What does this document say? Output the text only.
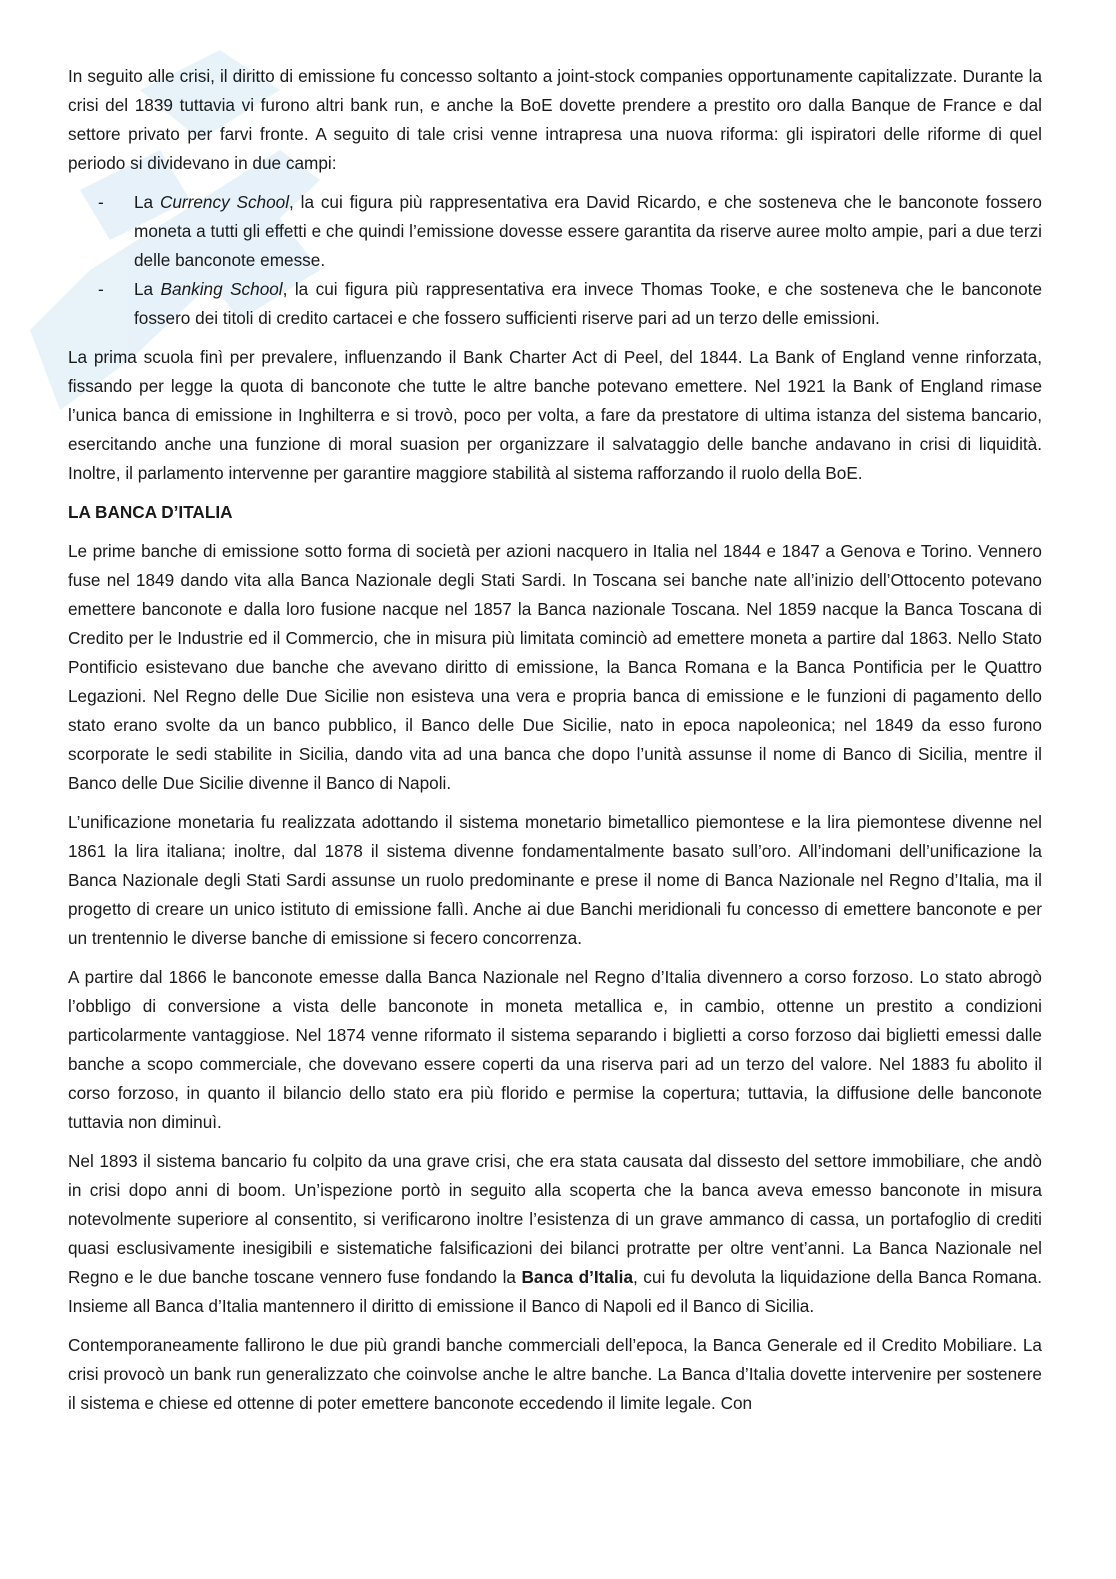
In seguito alle crisi, il diritto di emissione fu concesso soltanto a joint-stock companies opportunamente capitalizzate. Durante la crisi del 1839 tuttavia vi furono altri bank run, e anche la BoE dovette prendere a prestito oro dalla Banque de France e dal settore privato per farvi fronte. A seguito di tale crisi venne intrapresa una nuova riforma: gli ispiratori delle riforme di quel periodo si dividevano in due campi:

- La Currency School, la cui figura più rappresentativa era David Ricardo, e che sosteneva che le banconote fossero moneta a tutti gli effetti e che quindi l’emissione dovesse essere garantita da riserve auree molto ampie, pari a due terzi delle banconote emesse.
- La Banking School, la cui figura più rappresentativa era invece Thomas Tooke, e che sosteneva che le banconote fossero dei titoli di credito cartacei e che fossero sufficienti riserve pari ad un terzo delle emissioni.

La prima scuola finì per prevalere, influenzando il Bank Charter Act di Peel, del 1844. La Bank of England venne rinforzata, fissando per legge la quota di banconote che tutte le altre banche potevano emettere. Nel 1921 la Bank of England rimase l’unica banca di emissione in Inghilterra e si trovò, poco per volta, a fare da prestatore di ultima istanza del sistema bancario, esercitando anche una funzione di moral suasion per organizzare il salvataggio delle banche andavano in crisi di liquidità. Inoltre, il parlamento intervenne per garantire maggiore stabilità al sistema rafforzando il ruolo della BoE.

LA BANCA D’ITALIA

Le prime banche di emissione sotto forma di società per azioni nacquero in Italia nel 1844 e 1847 a Genova e Torino. Vennero fuse nel 1849 dando vita alla Banca Nazionale degli Stati Sardi. In Toscana sei banche nate all’inizio dell’Ottocento potevano emettere banconote e dalla loro fusione nacque nel 1857 la Banca nazionale Toscana. Nel 1859 nacque la Banca Toscana di Credito per le Industrie ed il Commercio, che in misura più limitata cominciò ad emettere moneta a partire dal 1863. Nello Stato Pontificio esistevano due banche che avevano diritto di emissione, la Banca Romana e la Banca Pontificia per le Quattro Legazioni. Nel Regno delle Due Sicilie non esisteva una vera e propria banca di emissione e le funzioni di pagamento dello stato erano svolte da un banco pubblico, il Banco delle Due Sicilie, nato in epoca napoleonica; nel 1849 da esso furono scorporate le sedi stabilite in Sicilia, dando vita ad una banca che dopo l’unità assunse il nome di Banco di Sicilia, mentre il Banco delle Due Sicilie divenne il Banco di Napoli.

L’unificazione monetaria fu realizzata adottando il sistema monetario bimetallico piemontese e la lira piemontese divenne nel 1861 la lira italiana; inoltre, dal 1878 il sistema divenne fondamentalmente basato sull’oro. All’indomani dell’unificazione la Banca Nazionale degli Stati Sardi assunse un ruolo predominante e prese il nome di Banca Nazionale nel Regno d’Italia, ma il progetto di creare un unico istituto di emissione fallì. Anche ai due Banchi meridionali fu concesso di emettere banconote e per un trentennio le diverse banche di emissione si fecero concorrenza.

A partire dal 1866 le banconote emesse dalla Banca Nazionale nel Regno d’Italia divennero a corso forzoso. Lo stato abrogò l’obbligo di conversione a vista delle banconote in moneta metallica e, in cambio, ottenne un prestito a condizioni particolarmente vantaggiose. Nel 1874 venne riformato il sistema separando i biglietti a corso forzoso dai biglietti emessi dalle banche a scopo commerciale, che dovevano essere coperti da una riserva pari ad un terzo del valore. Nel 1883 fu abolito il corso forzoso, in quanto il bilancio dello stato era più florido e permise la copertura; tuttavia, la diffusione delle banconote tuttavia non diminuì.

Nel 1893 il sistema bancario fu colpito da una grave crisi, che era stata causata dal dissesto del settore immobiliare, che andò in crisi dopo anni di boom. Un’ispezione portò in seguito alla scoperta che la banca aveva emesso banconote in misura notevolmente superiore al consentito, si verificarono inoltre l’esistenza di un grave ammanco di cassa, un portafoglio di crediti quasi esclusivamente inesigibili e sistematiche falsificazioni dei bilanci protratte per oltre vent’anni. La Banca Nazionale nel Regno e le due banche toscane vennero fuse fondando la Banca d’Italia, cui fu devoluta la liquidazione della Banca Romana. Insieme all Banca d’Italia mantennero il diritto di emissione il Banco di Napoli ed il Banco di Sicilia.

Contemporaneamente fallirono le due più grandi banche commerciali dell’epoca, la Banca Generale ed il Credito Mobiliare. La crisi provocò un bank run generalizzato che coinvolse anche le altre banche. La Banca d’Italia dovette intervenire per sostenere il sistema e chiese ed ottenne di poter emettere banconote eccedendo il limite legale. Con
